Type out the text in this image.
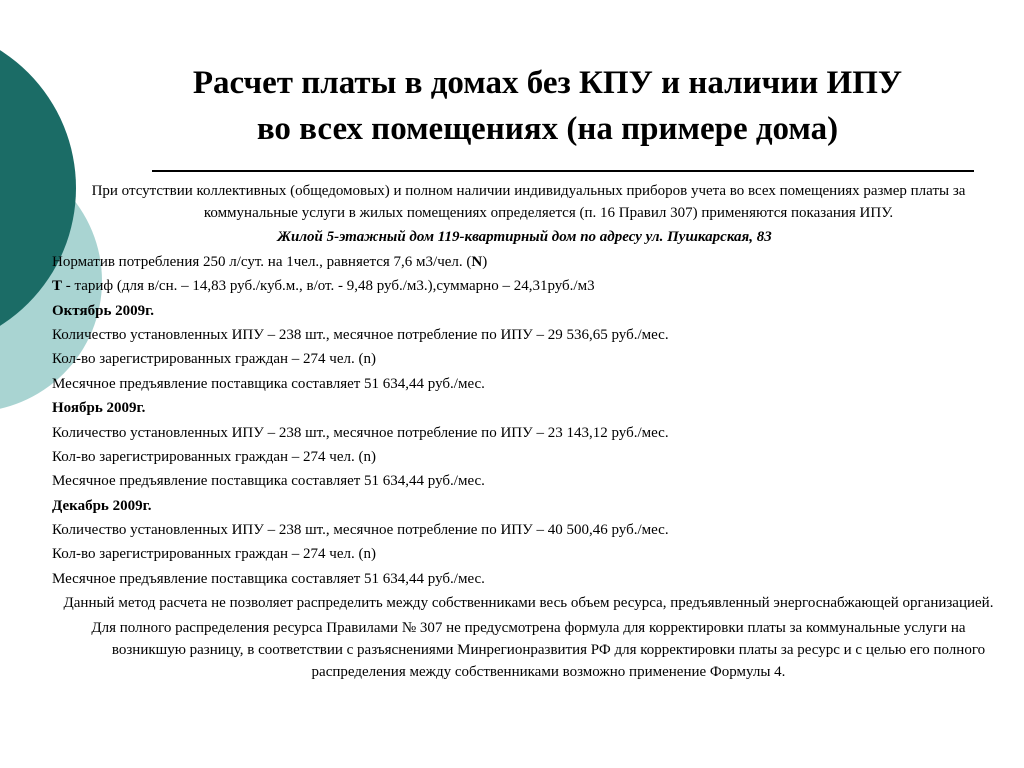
Расчет платы в домах без КПУ и наличии ИПУ
во всех помещениях (на примере дома)

При отсутствии коллективных (общедомовых) и полном наличии индивидуальных приборов учета во всех помещениях размер платы за коммунальные услуги в жилых помещениях определяется (п. 16 Правил 307) применяются показания ИПУ.

Жилой 5-этажный дом 119-квартирный дом по адресу ул. Пушкарская, 83

Норматив потребления 250 л/сут. на 1чел., равняется 7,6 м3/чел. (N)

Т - тариф (для в/сн. – 14,83 руб./куб.м., в/от. - 9,48 руб./м3.),суммарно – 24,31руб./м3

Октябрь 2009г.

Количество установленных ИПУ – 238 шт., месячное потребление по ИПУ – 29 536,65 руб./мес.

Кол-во зарегистрированных граждан – 274 чел. (n)

Месячное предъявление поставщика составляет 51 634,44 руб./мес.

Ноябрь 2009г.

Количество установленных ИПУ – 238 шт., месячное потребление по ИПУ – 23 143,12 руб./мес.

Кол-во зарегистрированных граждан – 274 чел. (n)

Месячное предъявление поставщика составляет 51 634,44 руб./мес.

Декабрь 2009г.

Количество установленных ИПУ – 238 шт., месячное потребление по ИПУ – 40 500,46 руб./мес.

Кол-во зарегистрированных граждан – 274 чел. (n)

Месячное предъявление поставщика составляет 51 634,44 руб./мес.

Данный метод расчета не позволяет распределить между собственниками весь объем ресурса, предъявленный энергоснабжающей организацией.

Для полного распределения ресурса Правилами № 307 не предусмотрена формула для корректировки платы за коммунальные услуги на возникшую разницу, в соответствии с разъяснениями Минрегионразвития РФ для корректировки платы за ресурс и с целью его полного распределения между собственниками возможно применение Формулы 4.
